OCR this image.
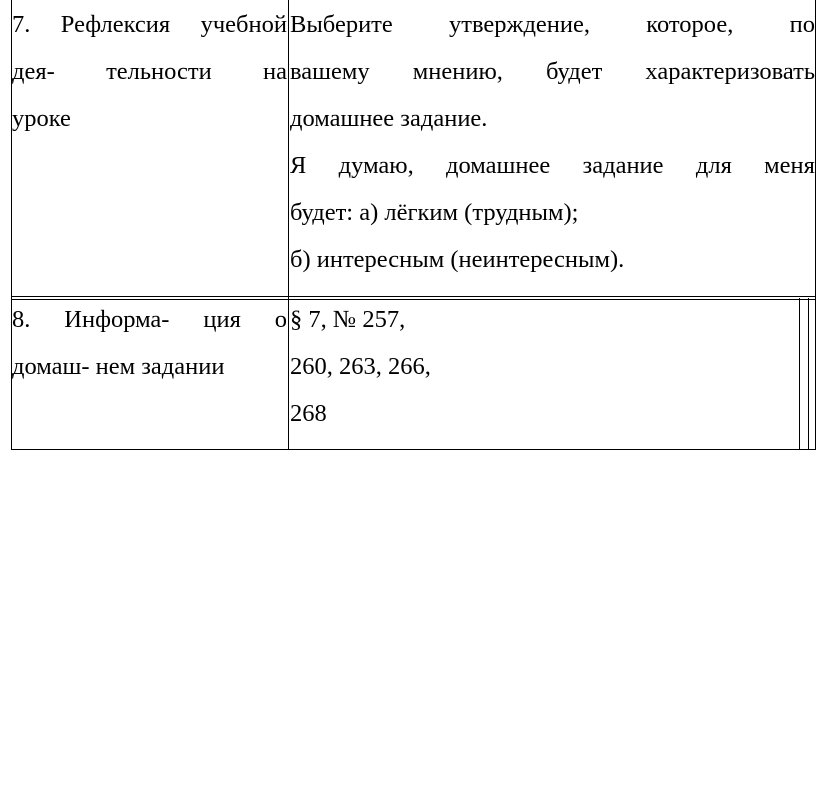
7. Рефлексия учебной
дея- тельности на
уроке
Выберите утверждение, которое, по
вашему мнению, будет характеризовать
домашнее задание.
Я думаю, домашнее задание для меня
будет: а) лёгким (трудным);
б) интересным (неинтересным).
8. Информа- ция о
домаш- нем задании
§ 7, № 257,
260, 263, 266,
268
